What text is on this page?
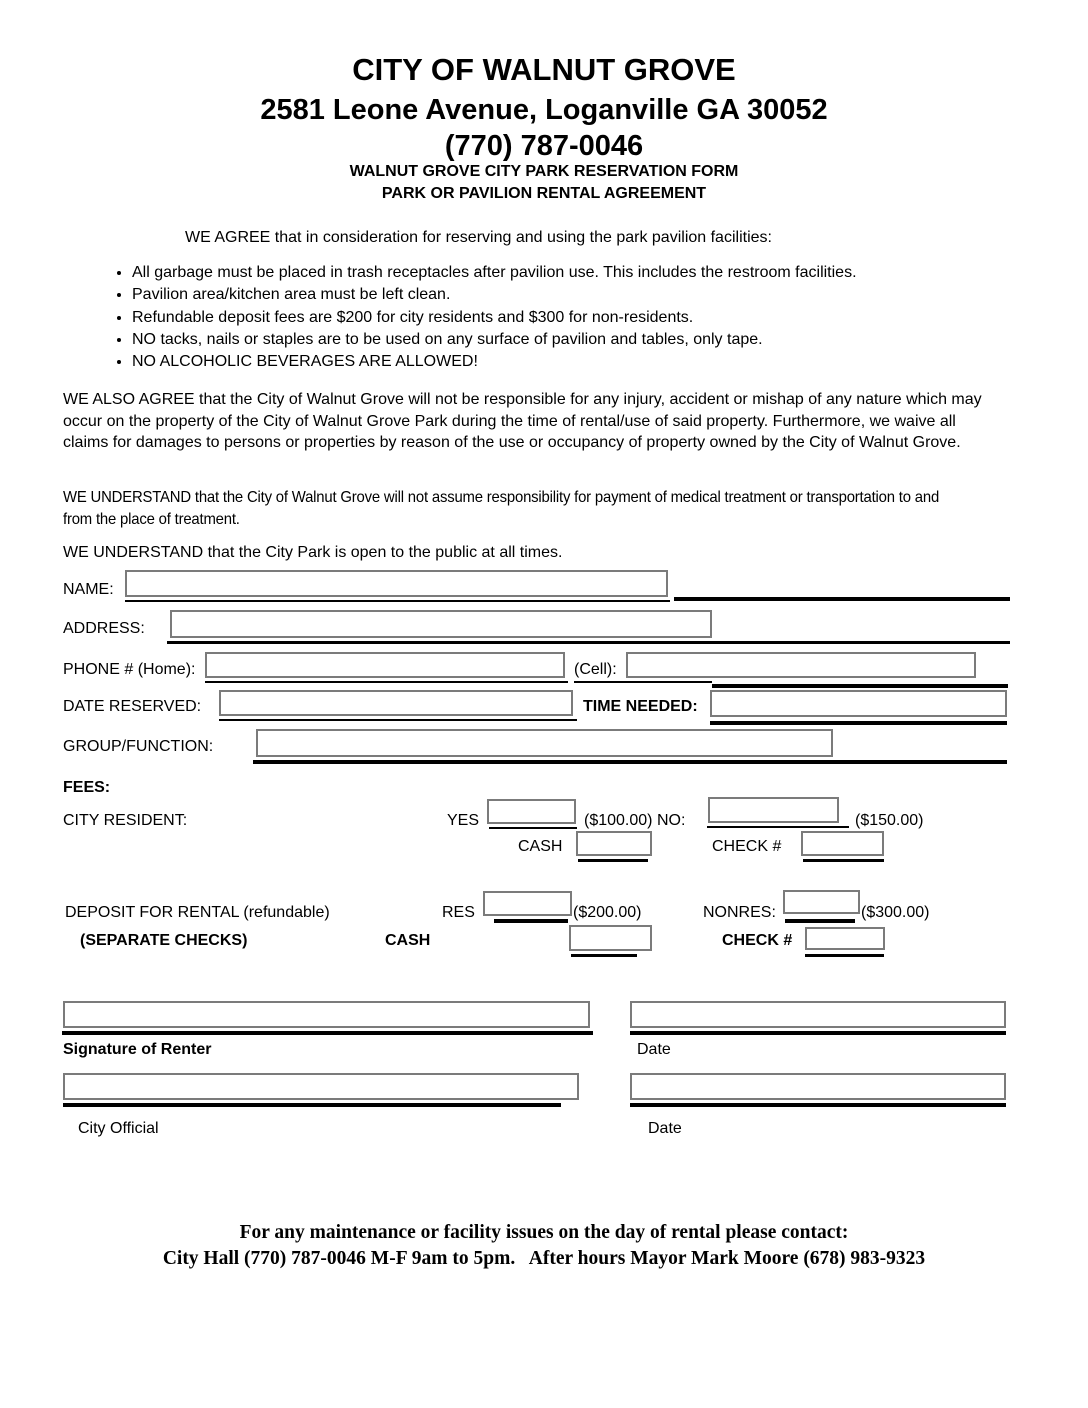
CITY OF WALNUT GROVE
2581 Leone Avenue, Loganville GA 30052
(770) 787-0046
WALNUT GROVE CITY PARK RESERVATION FORM
PARK OR PAVILION RENTAL AGREEMENT
WE AGREE that in consideration for reserving and using the park pavilion facilities:
• All garbage must be placed in trash receptacles after pavilion use. This includes the restroom facilities.
• Pavilion area/kitchen area must be left clean.
• Refundable deposit fees are $200 for city residents and $300 for non-residents.
• NO tacks, nails or staples are to be used on any surface of pavilion and tables, only tape.
• NO ALCOHOLIC BEVERAGES ARE ALLOWED!
WE ALSO AGREE that the City of Walnut Grove will not be responsible for any injury, accident or mishap of any nature which may occur on the property of the City of Walnut Grove Park during the time of rental/use of said property. Furthermore, we waive all claims for damages to persons or properties by reason of the use or occupancy of property owned by the City of Walnut Grove.
WE UNDERSTAND that the City of Walnut Grove will not assume responsibility for payment of medical treatment or transportation to and from the place of treatment.
WE UNDERSTAND that the City Park is open to the public at all times.
NAME:
ADDRESS:
PHONE # (Home):	(Cell):
DATE RESERVED:	TIME NEEDED:
GROUP/FUNCTION:
FEES:
CITY RESIDENT:	YES	($100.00) NO:	($150.00)
CASH	CHECK #
DEPOSIT FOR RENTAL (refundable)	RES	($200.00)	NONRES:	($300.00)
(SEPARATE CHECKS)	CASH	CHECK #
Signature of Renter	Date
City Official	Date
For any maintenance or facility issues on the day of rental please contact:
City Hall (770) 787-0046 M-F 9am to 5pm.   After hours Mayor Mark Moore (678) 983-9323
